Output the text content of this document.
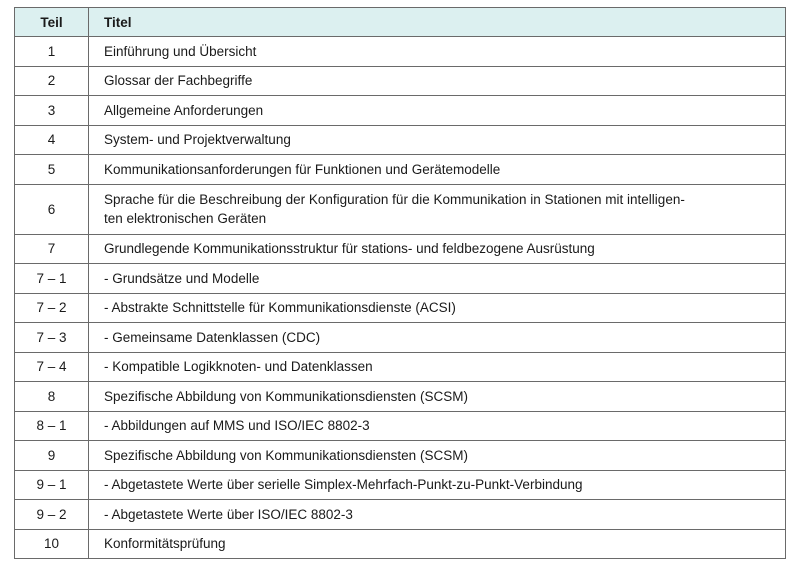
Teil	Titel
1	Einführung und Übersicht
2	Glossar der Fachbegriffe
3	Allgemeine Anforderungen
4	System- und Projektverwaltung
5	Kommunikationsanforderungen für Funktionen und Gerätemodelle
6	Sprache für die Beschreibung der Konfiguration für die Kommunikation in Stationen mit intelligen-
ten elektronischen Geräten
7	Grundlegende Kommunikationsstruktur für stations- und feldbezogene Ausrüstung
7 – 1	- Grundsätze und Modelle
7 – 2	- Abstrakte Schnittstelle für Kommunikationsdienste (ACSI)
7 – 3	- Gemeinsame Datenklassen (CDC)
7 – 4	- Kompatible Logikknoten- und Datenklassen
8	Spezifische Abbildung von Kommunikationsdiensten (SCSM)
8 – 1	- Abbildungen auf MMS und ISO/IEC 8802-3
9	Spezifische Abbildung von Kommunikationsdiensten (SCSM)
9 – 1	- Abgetastete Werte über serielle Simplex-Mehrfach-Punkt-zu-Punkt-Verbindung
9 – 2	- Abgetastete Werte über ISO/IEC 8802-3
10	Konformitätsprüfung
